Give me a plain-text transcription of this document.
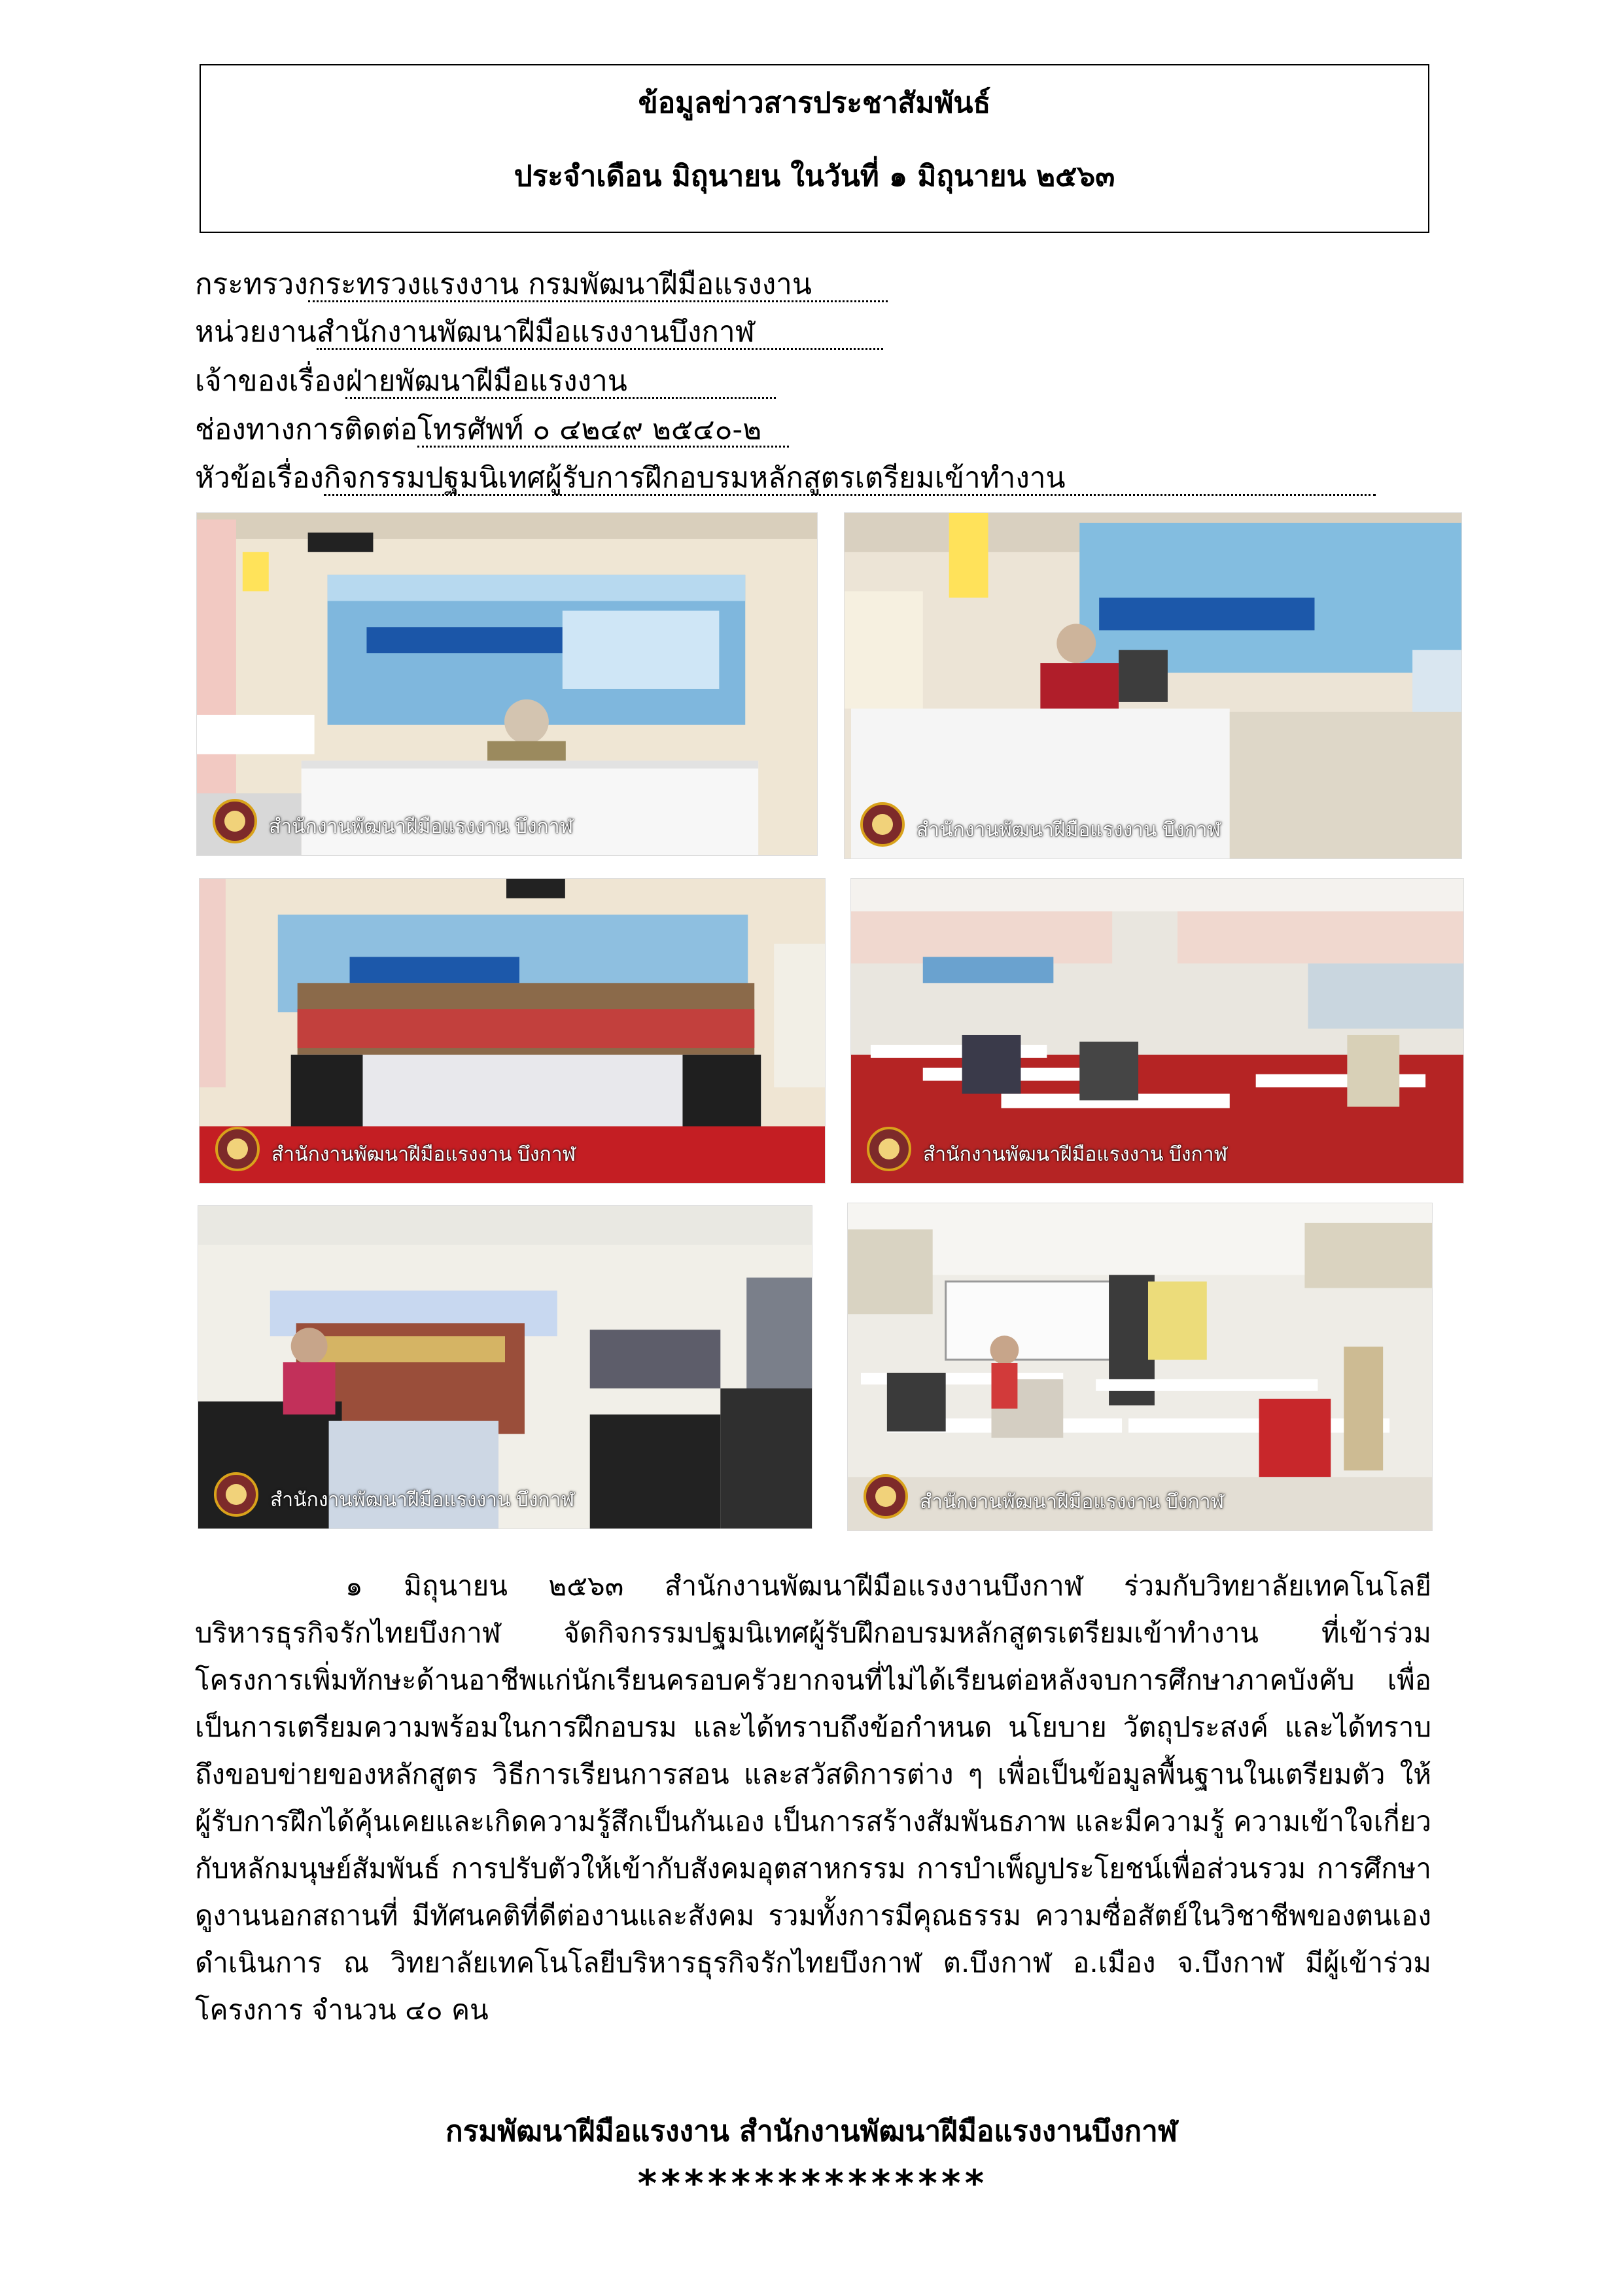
ข้อมูลข่าวสารประชาสัมพันธ์
ประจำเดือน มิถุนายน ในวันที่ ๑ มิถุนายน ๒๕๖๓
กระทรวงกระทรวงแรงงาน กรมพัฒนาฝีมือแรงงาน
หน่วยงานสำนักงานพัฒนาฝีมือแรงงานบึงกาฬ
เจ้าของเรื่องฝ่ายพัฒนาฝีมือแรงงาน
ช่องทางการติดต่อโทรศัพท์ ๐ ๔๒๔๙ ๒๕๔๐-๒
หัวข้อเรื่องกิจกรรมปฐมนิเทศผู้รับการฝึกอบรมหลักสูตรเตรียมเข้าทำงาน
สำนักงานพัฒนาฝีมือแรงงาน บึงกาฬ	สำนักงานพัฒนาฝีมือแรงงาน บึงกาฬ
สำนักงานพัฒนาฝีมือแรงงาน บึงกาฬ	สำนักงานพัฒนาฝีมือแรงงาน บึงกาฬ
สำนักงานพัฒนาฝีมือแรงงาน บึงกาฬ	สำนักงานพัฒนาฝีมือแรงงาน บึงกาฬ

๑ มิถุนายน ๒๕๖๓ สำนักงานพัฒนาฝีมือแรงงานบึงกาฬ ร่วมกับวิทยาลัยเทคโนโลยีบริหารธุรกิจรักไทยบึงกาฬ จัดกิจกรรมปฐมนิเทศผู้รับฝึกอบรมหลักสูตรเตรียมเข้าทำงาน ที่เข้าร่วมโครงการเพิ่มทักษะด้านอาชีพแก่นักเรียนครอบครัวยากจนที่ไม่ได้เรียนต่อหลังจบการศึกษาภาคบังคับ เพื่อเป็นการเตรียมความพร้อมในการฝึกอบรม และได้ทราบถึงข้อกำหนด นโยบาย วัตถุประสงค์ และได้ทราบถึงขอบข่ายของหลักสูตร วิธีการเรียนการสอน และสวัสดิการต่าง ๆ เพื่อเป็นข้อมูลพื้นฐานในเตรียมตัว ให้ผู้รับการฝึกได้คุ้นเคยและเกิดความรู้สึกเป็นกันเอง เป็นการสร้างสัมพันธภาพ และมีความรู้ ความเข้าใจเกี่ยวกับหลักมนุษย์สัมพันธ์ การปรับตัวให้เข้ากับสังคมอุตสาหกรรม การบำเพ็ญประโยชน์เพื่อส่วนรวม การศึกษาดูงานนอกสถานที่ มีทัศนคติที่ดีต่องานและสังคม รวมทั้งการมีคุณธรรม ความซื่อสัตย์ในวิชาชีพของตนเอง ดำเนินการ ณ วิทยาลัยเทคโนโลยีบริหารธุรกิจรักไทยบึงกาฬ ต.บึงกาฬ อ.เมือง จ.บึงกาฬ มีผู้เข้าร่วมโครงการ จำนวน ๔๐ คน

กรมพัฒนาฝีมือแรงงาน สำนักงานพัฒนาฝีมือแรงงานบึงกาฬ
***************
